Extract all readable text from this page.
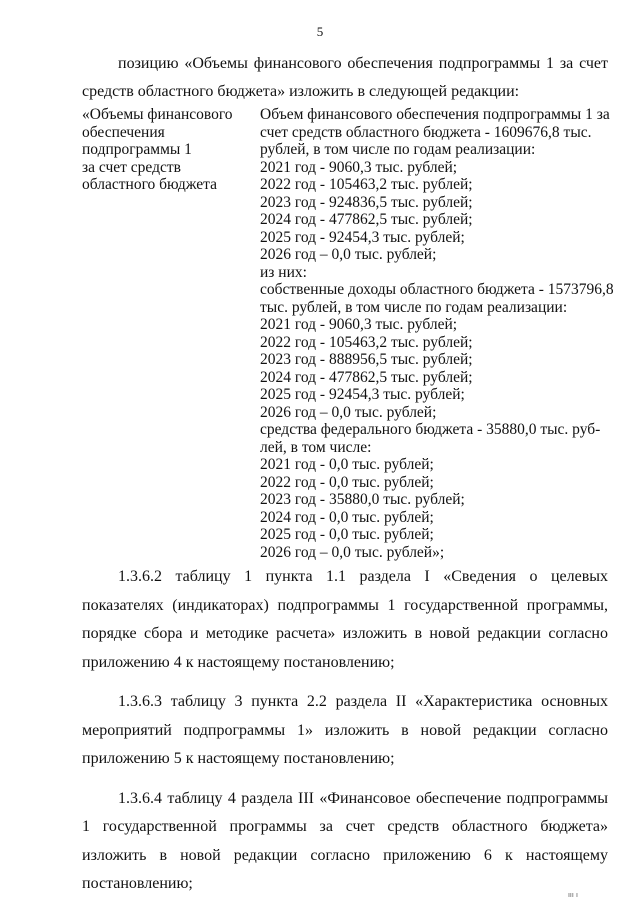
5
позицию «Объемы финансового обеспечения подпрограммы 1 за счет средств областного бюджета» изложить в следующей редакции:
«Объемы финансового
обеспечения
подпрограммы 1
за счет средств
областного бюджета
Объем финансового обеспечения подпрограммы 1 за
счет средств областного бюджета - 1609676,8 тыс.
рублей, в том числе по годам реализации:
2021 год - 9060,3 тыс. рублей;
2022 год - 105463,2 тыс. рублей;
2023 год - 924836,5 тыс. рублей;
2024 год - 477862,5 тыс. рублей;
2025 год - 92454,3 тыс. рублей;
2026 год – 0,0 тыс. рублей;
из них:
собственные доходы областного бюджета - 1573796,8
тыс. рублей, в том числе по годам реализации:
2021 год - 9060,3 тыс. рублей;
2022 год - 105463,2 тыс. рублей;
2023 год - 888956,5 тыс. рублей;
2024 год - 477862,5 тыс. рублей;
2025 год - 92454,3 тыс. рублей;
2026 год – 0,0 тыс. рублей;
средства федерального бюджета - 35880,0 тыс. руб-
лей, в том числе:
2021 год - 0,0 тыс. рублей;
2022 год - 0,0 тыс. рублей;
2023 год - 35880,0 тыс. рублей;
2024 год - 0,0 тыс. рублей;
2025 год - 0,0 тыс. рублей;
2026 год – 0,0 тыс. рублей»;

1.3.6.2 таблицу 1 пункта 1.1 раздела I «Сведения о целевых показателях (индикаторах) подпрограммы 1 государственной программы, порядке сбора и методике расчета» изложить в новой редакции согласно приложению 4 к настоящему постановлению;

1.3.6.3 таблицу 3 пункта 2.2 раздела II «Характеристика основных мероприятий подпрограммы 1» изложить в новой редакции согласно приложению 5 к настоящему постановлению;

1.3.6.4 таблицу 4 раздела III «Финансовое обеспечение подпрограммы 1 государственной программы за счет средств областного бюджета» изложить в новой редакции согласно приложению 6 к настоящему постановлению;

ııı ı
